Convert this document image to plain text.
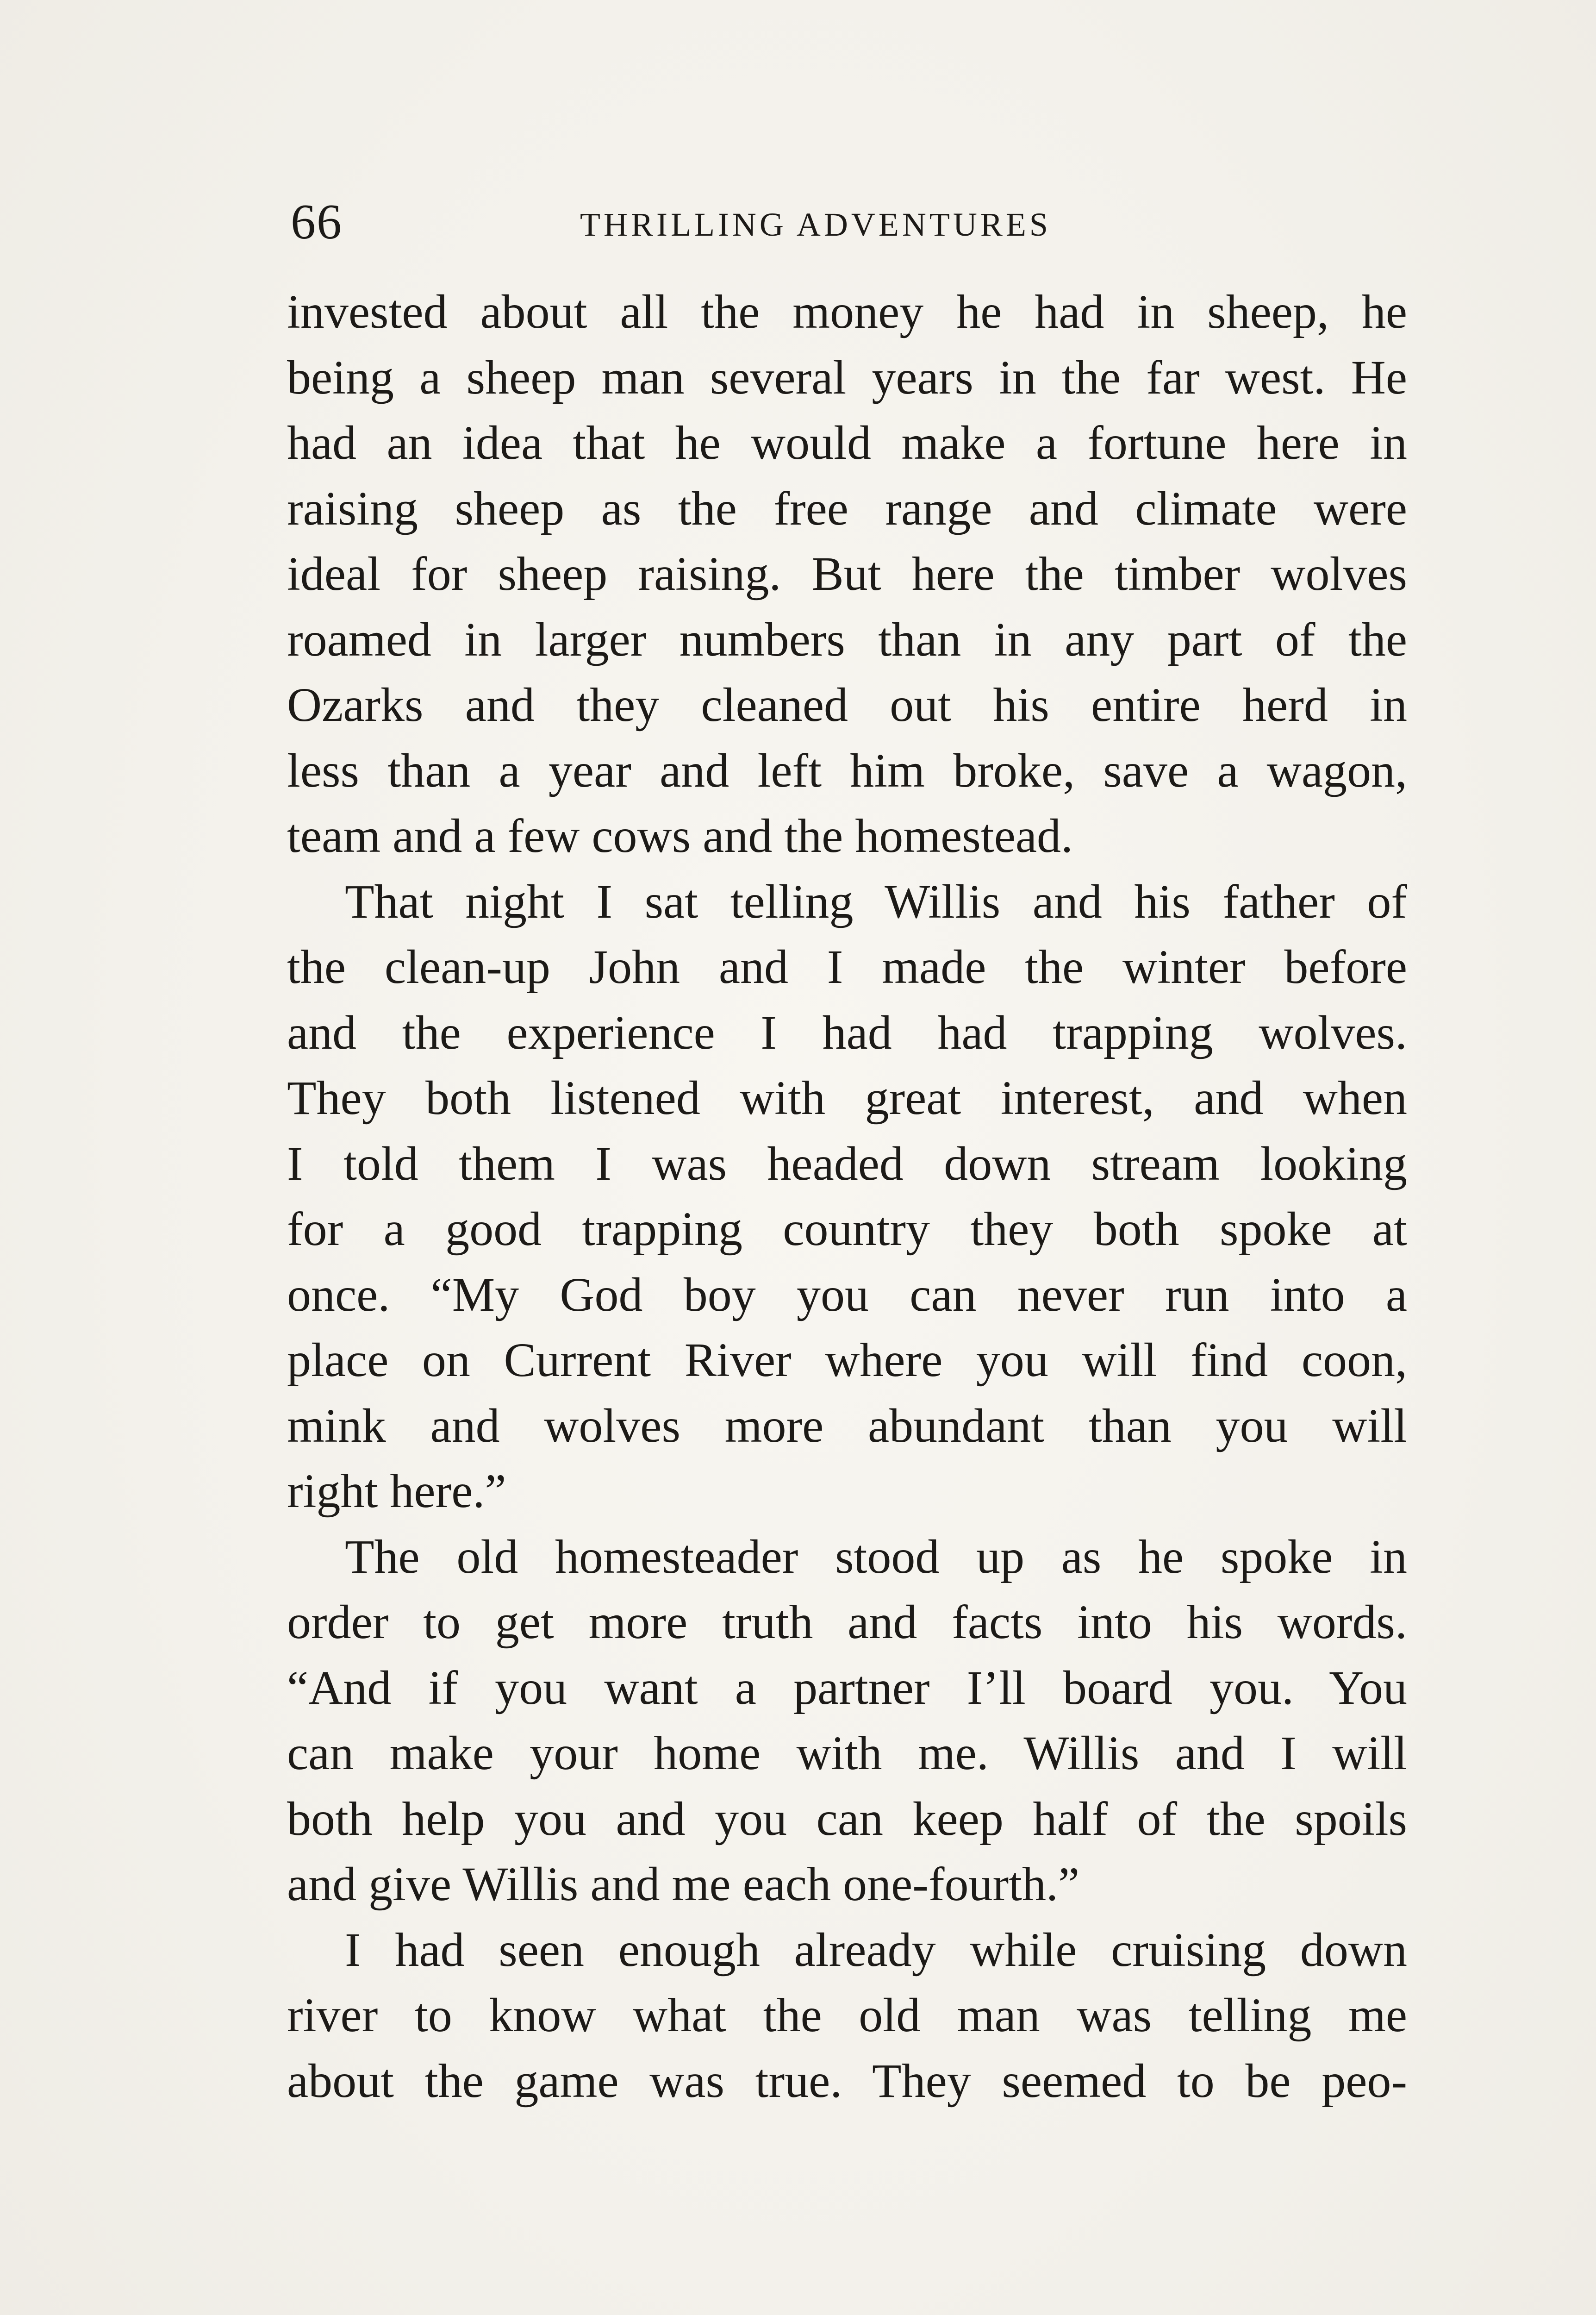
66	THRILLING ADVENTURES
invested about all the money he had in sheep, he
being a sheep man several years in the far west. He
had an idea that he would make a fortune here in
raising sheep as the free range and climate were
ideal for sheep raising. But here the timber wolves
roamed in larger numbers than in any part of the
Ozarks and they cleaned out his entire herd in
less than a year and left him broke, save a wagon,
team and a few cows and the homestead.
That night I sat telling Willis and his father of
the clean-up John and I made the winter before
and the experience I had had trapping wolves.
They both listened with great interest, and when
I told them I was headed down stream looking
for a good trapping country they both spoke at
once. “My God boy you can never run into a
place on Current River where you will find coon,
mink and wolves more abundant than you will
right here.”
The old homesteader stood up as he spoke in
order to get more truth and facts into his words.
“And if you want a partner I’ll board you. You
can make your home with me. Willis and I will
both help you and you can keep half of the spoils
and give Willis and me each one-fourth.”
I had seen enough already while cruising down
river to know what the old man was telling me
about the game was true. They seemed to be peo-
